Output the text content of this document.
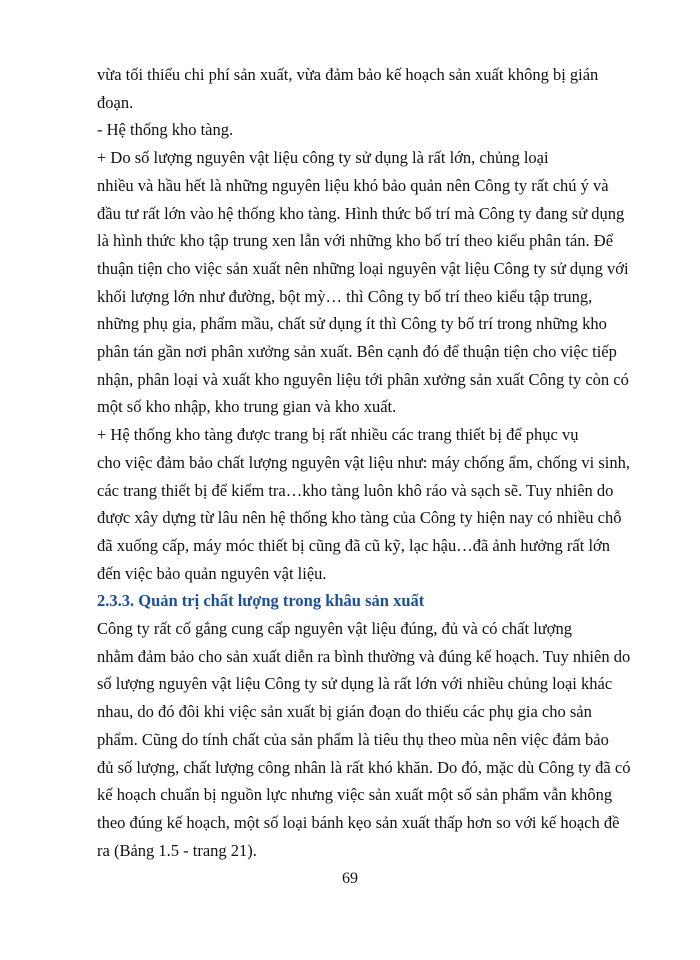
vừa tối thiểu chi phí sản xuất, vừa đảm bảo kế hoạch sản xuất không bị gián
đoạn.
- Hệ thống kho tàng.
+ Do số lượng nguyên vật liệu công ty sử dụng là rất lớn, chủng loại
nhiều và hầu hết là những nguyên liệu khó bảo quản nên Công ty rất chú ý và
đầu tư rất lớn vào hệ thống kho tàng. Hình thức bố trí mà Công ty đang sử dụng
là hình thức kho tập trung xen lẫn với những kho bố trí theo kiểu phân tán. Để
thuận tiện cho việc sản xuất nên những loại nguyên vật liệu Công ty sử dụng với
khối lượng lớn như đường, bột mỳ… thì Công ty bố trí theo kiểu tập trung,
những phụ gia, phẩm mầu, chất sử dụng ít thì Công ty bố trí trong những kho
phân tán gần nơi phân xưởng sản xuất. Bên cạnh đó để thuận tiện cho việc tiếp
nhận, phân loại và xuất kho nguyên liệu tới phân xưởng sản xuất Công ty còn có
một số kho nhập, kho trung gian và kho xuất.
+ Hệ thống kho tàng được trang bị rất nhiều các trang thiết bị để phục vụ
cho việc đảm bảo chất lượng nguyên vật liệu như: máy chống ẩm, chống vi sinh,
các trang thiết bị để kiểm tra…kho tàng luôn khô ráo và sạch sẽ. Tuy nhiên do
được xây dựng từ lâu nên hệ thống kho tàng của Công ty hiện nay có nhiều chỗ
đã xuống cấp, máy móc thiết bị cũng đã cũ kỹ, lạc hậu…đã ảnh hưởng rất lớn
đến việc bảo quản nguyên vật liệu.
2.3.3. Quản trị chất lượng trong khâu sản xuất
Công ty rất cố gắng cung cấp nguyên vật liệu đúng, đủ và có chất lượng
nhằm đảm bảo cho sản xuất diễn ra bình thường và đúng kế hoạch. Tuy nhiên do
số lượng nguyên vật liệu Công ty sử dụng là rất lớn với nhiều chủng loại khác
nhau, do đó đôi khi việc sản xuất bị gián đoạn do thiếu các phụ gia cho sản
phẩm. Cũng do tính chất của sản phẩm là tiêu thụ theo mùa nên việc đảm bảo
đủ số lượng, chất lượng công nhân là rất khó khăn. Do đó, mặc dù Công ty đã có
kế hoạch chuẩn bị nguồn lực nhưng việc sản xuất một số sản phẩm vẫn không
theo đúng kế hoạch, một số loại bánh kẹo sản xuất thấp hơn so với kế hoạch đề
ra (Bảng 1.5 - trang 21).
69
